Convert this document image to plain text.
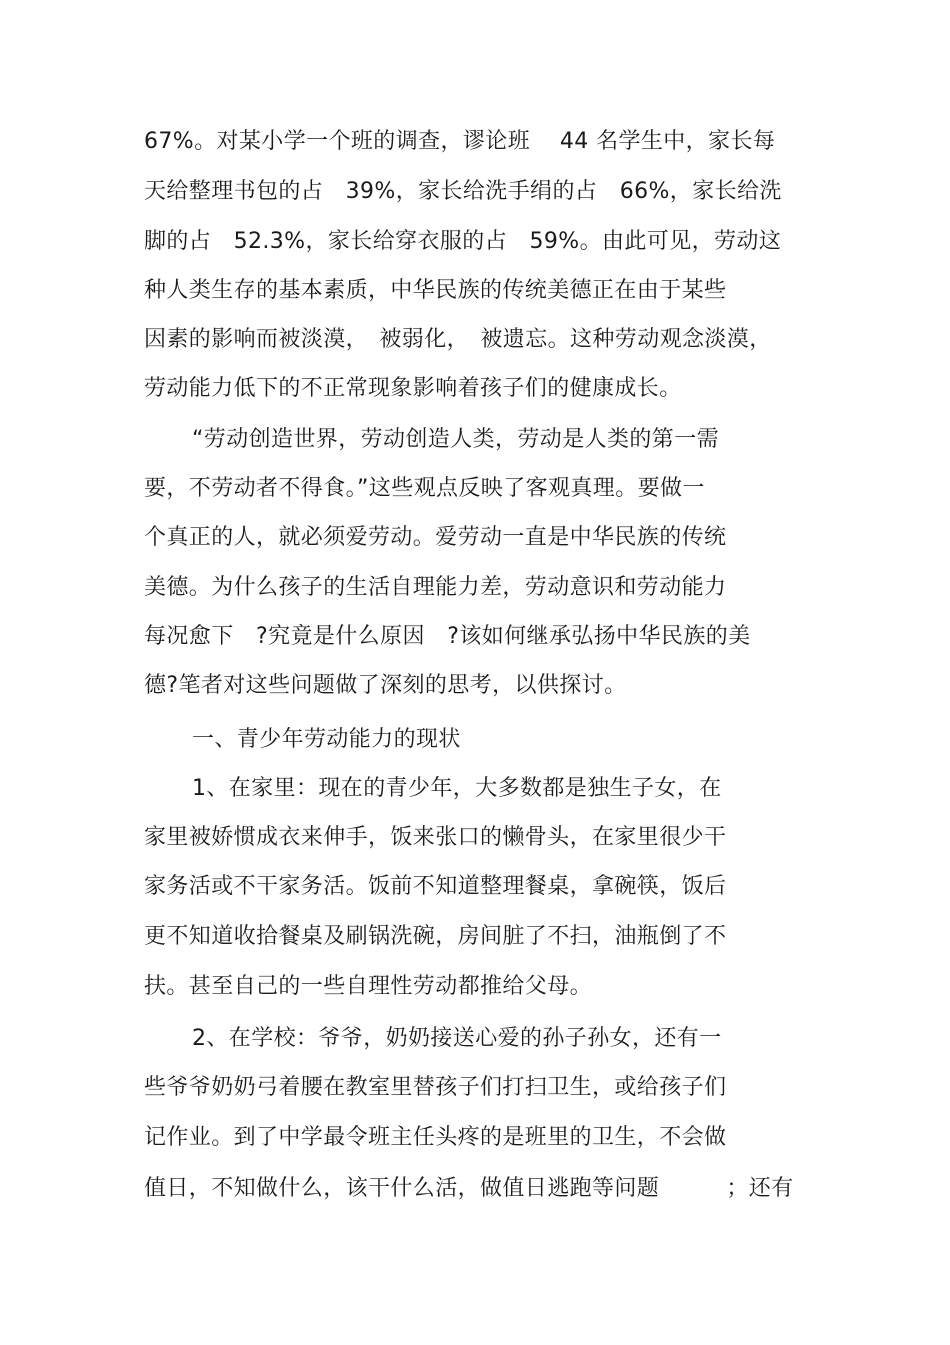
67%。对某小学一个班的调查，谬论班　 44 名学生中，家长每
天给整理书包的占　39%，家长给洗手绢的占　66%，家长给洗
脚的占　52.3%，家长给穿衣服的占　59%。由此可见，劳动这
种人类生存的基本素质，中华民族的传统美德正在由于某些
因素的影响而被淡漠，　被弱化，　被遗忘。这种劳动观念淡漠，
劳动能力低下的不正常现象影响着孩子们的健康成长。
“劳动创造世界，劳动创造人类，劳动是人类的第一需
要，不劳动者不得食。”这些观点反映了客观真理。要做一
个真正的人，就必须爱劳动。爱劳动一直是中华民族的传统
美德。为什么孩子的生活自理能力差，劳动意识和劳动能力
每况愈下　?究竟是什么原因　?该如何继承弘扬中华民族的美
德?笔者对这些问题做了深刻的思考，以供探讨。
一、青少年劳动能力的现状
1、在家里：现在的青少年，大多数都是独生子女，在
家里被娇惯成衣来伸手，饭来张口的懒骨头，在家里很少干
家务活或不干家务活。饭前不知道整理餐桌，拿碗筷，饭后
更不知道收拾餐桌及刷锅洗碗，房间脏了不扫，油瓶倒了不
扶。甚至自己的一些自理性劳动都推给父母。
2、在学校：爷爷，奶奶接送心爱的孙子孙女，还有一
些爷爷奶奶弓着腰在教室里替孩子们打扫卫生，或给孩子们
记作业。到了中学最令班主任头疼的是班里的卫生，不会做
值日，不知做什么，该干什么活，做值日逃跑等问题　　　；还有
